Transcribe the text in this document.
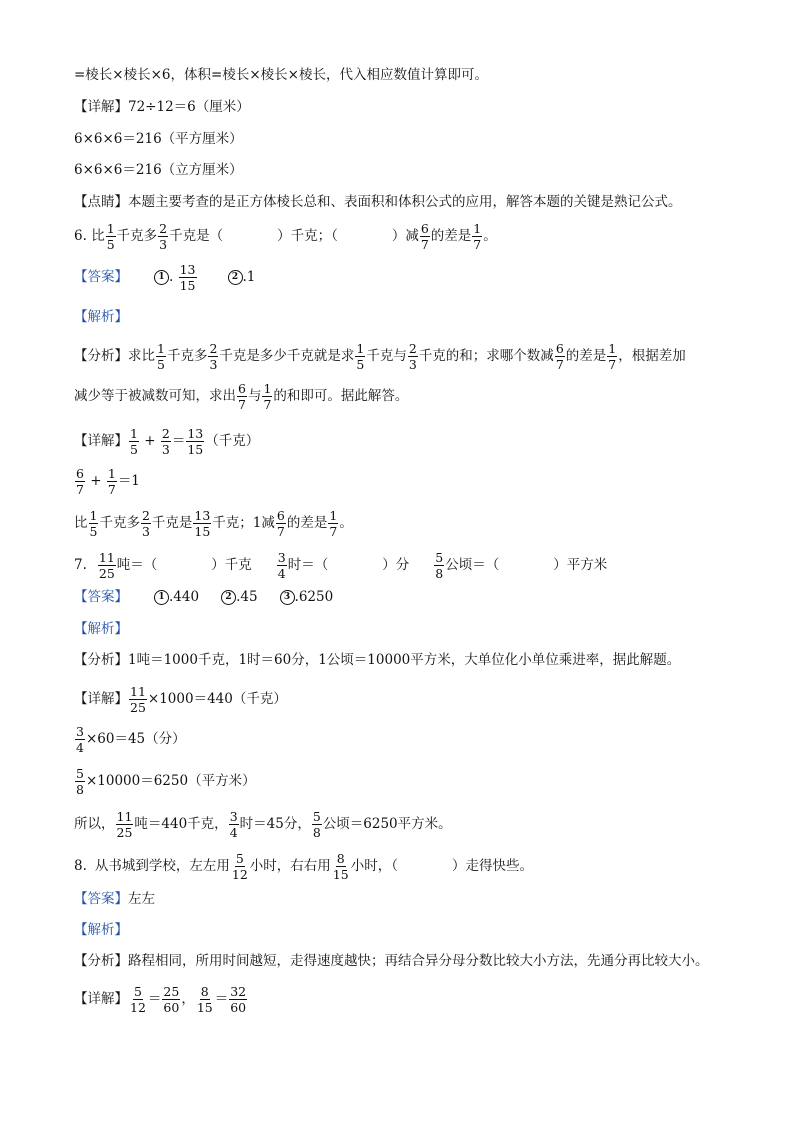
=棱长×棱长×6，体积=棱长×棱长×棱长，代入相应数值计算即可。
【详解】72÷12＝6（厘米）
6×6×6＝216（平方厘米）
6×6×6＝216（立方厘米）
【点睛】本题主要考查的是正方体棱长总和、表面积和体积公式的应用，解答本题的关键是熟记公式。
6. 比 $\frac{1}{5}$ 千克多 $\frac{2}{3}$ 千克是（　　　　）千克；（　　　　）减 $\frac{6}{7}$ 的差是 $\frac{1}{7}$ 。
【答案】	1 . $\frac{13}{15}$	2 .1
【解析】
【分析】求比 $\frac{1}{5}$ 千克多 $\frac{2}{3}$ 千克是多少千克就是求 $\frac{1}{5}$ 千克与 $\frac{2}{3}$ 千克的和；求哪个数减 $\frac{6}{7}$ 的差是 $\frac{1}{7}$ ，根据差加
减少等于被减数可知，求出 $\frac{6}{7}$ 与 $\frac{1}{7}$ 的和即可。据此解答。
【详解】 $\frac{1}{5} + \frac{2}{3} = \frac{13}{15}$ （千克）
$\frac{6}{7} + \frac{1}{7} =1$
比 $\frac{1}{5}$ 千克多 $\frac{2}{3}$ 千克是 $\frac{13}{15}$ 千克；1减 $\frac{6}{7}$ 的差是 $\frac{1}{7}$ 。
7. $\frac{11}{25}$ 吨＝（　　　　）千克 $\frac{3}{4}$ 时＝（　　　　）分 $\frac{5}{8}$ 公顷＝（　　　　）平方米
【答案】	1 .440	2 .45	3 .6250
【解析】
【分析】1吨＝1000千克，1时＝60分，1公顷＝10000平方米，大单位化小单位乘进率，据此解题。
【详解】 $\frac{11}{25} \times 1000=440$（千克）
$\frac{3}{4} \times 60=45$（分）
$\frac{5}{8} \times 10000=6250$（平方米）
所以， $\frac{11}{25}$ 吨＝440千克， $\frac{3}{4}$ 时＝45分， $\frac{5}{8}$ 公顷＝6250平方米。
8. 从书城到学校，左左用 $\frac{5}{12}$ 小时，右右用 $\frac{8}{15}$ 小时，（　　　　）走得快些。
【答案】左左
【解析】
【分析】路程相同，所用时间越短，走得速度越快；再结合异分母分数比较大小方法，先通分再比较大小。
【详解】 $\frac{5}{12} = \frac{25}{60}$ ， $\frac{8}{15} = \frac{32}{60}$
